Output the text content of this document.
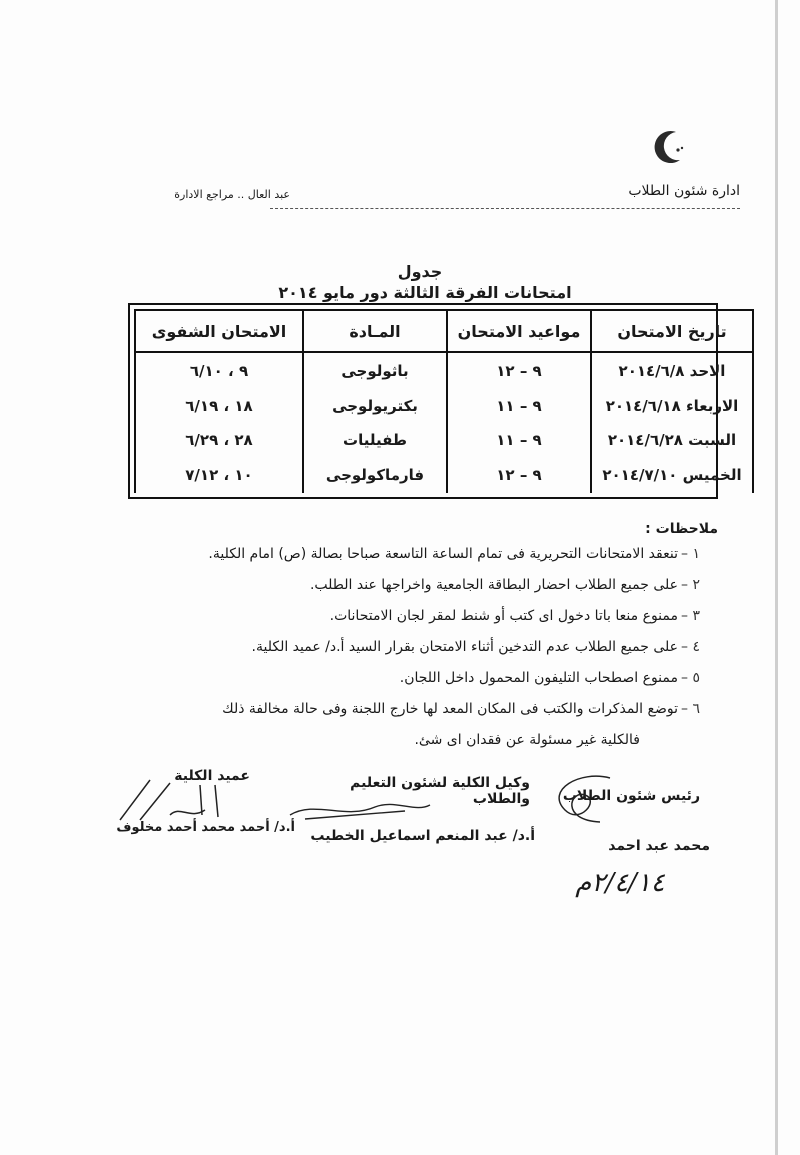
ادارة شئون الطلاب
عبد العال .. مراجع الادارة
جدول
امتحانات الفرقة الثالثة دور مايو ٢٠١٤
تاريخ الامتحان	مواعيد الامتحان	المـادة	الامتحان الشفوى
الاحد ٢٠١٤/٦/٨	٩ – ١٢	باثولوجى	٩ ، ٦/١٠
الاربعاء ٢٠١٤/٦/١٨	٩ – ١١	بكتريولوجى	١٨ ، ٦/١٩
السبت ٢٠١٤/٦/٢٨	٩ – ١١	طفيليات	٢٨ ، ٦/٢٩
الخميس ٢٠١٤/٧/١٠	٩ – ١٢	فارماكولوجى	١٠ ، ٧/١٢
ملاحظات :
١ –تنعقد الامتحانات التحريرية فى تمام الساعة التاسعة صباحا بصالة (ص) امام الكلية.
٢ –على جميع الطلاب احضار البطاقة الجامعية واخراجها عند الطلب.
٣ –ممنوع منعا باتا دخول اى كتب أو شنط لمقر لجان الامتحانات.
٤ –على جميع الطلاب عدم التدخين أثناء الامتحان بقرار السيد أ.د/ عميد الكلية.
٥ –ممنوع اصطحاب التليفون المحمول داخل اللجان.
٦ –توضع المذكرات والكتب فى المكان المعد لها خارج اللجنة وفى حالة مخالفة ذلك
فالكلية غير مسئولة عن فقدان اى شئ.
رئيس شئون الطلاب
محمد عبد احمد
وكيل الكلية لشئون التعليم والطلاب
أ.د/ عبد المنعم اسماعيل الخطيب
عميد الكلية
أ.د/ أحمد محمد أحمد مخلوف
٢/٤/١٤م
